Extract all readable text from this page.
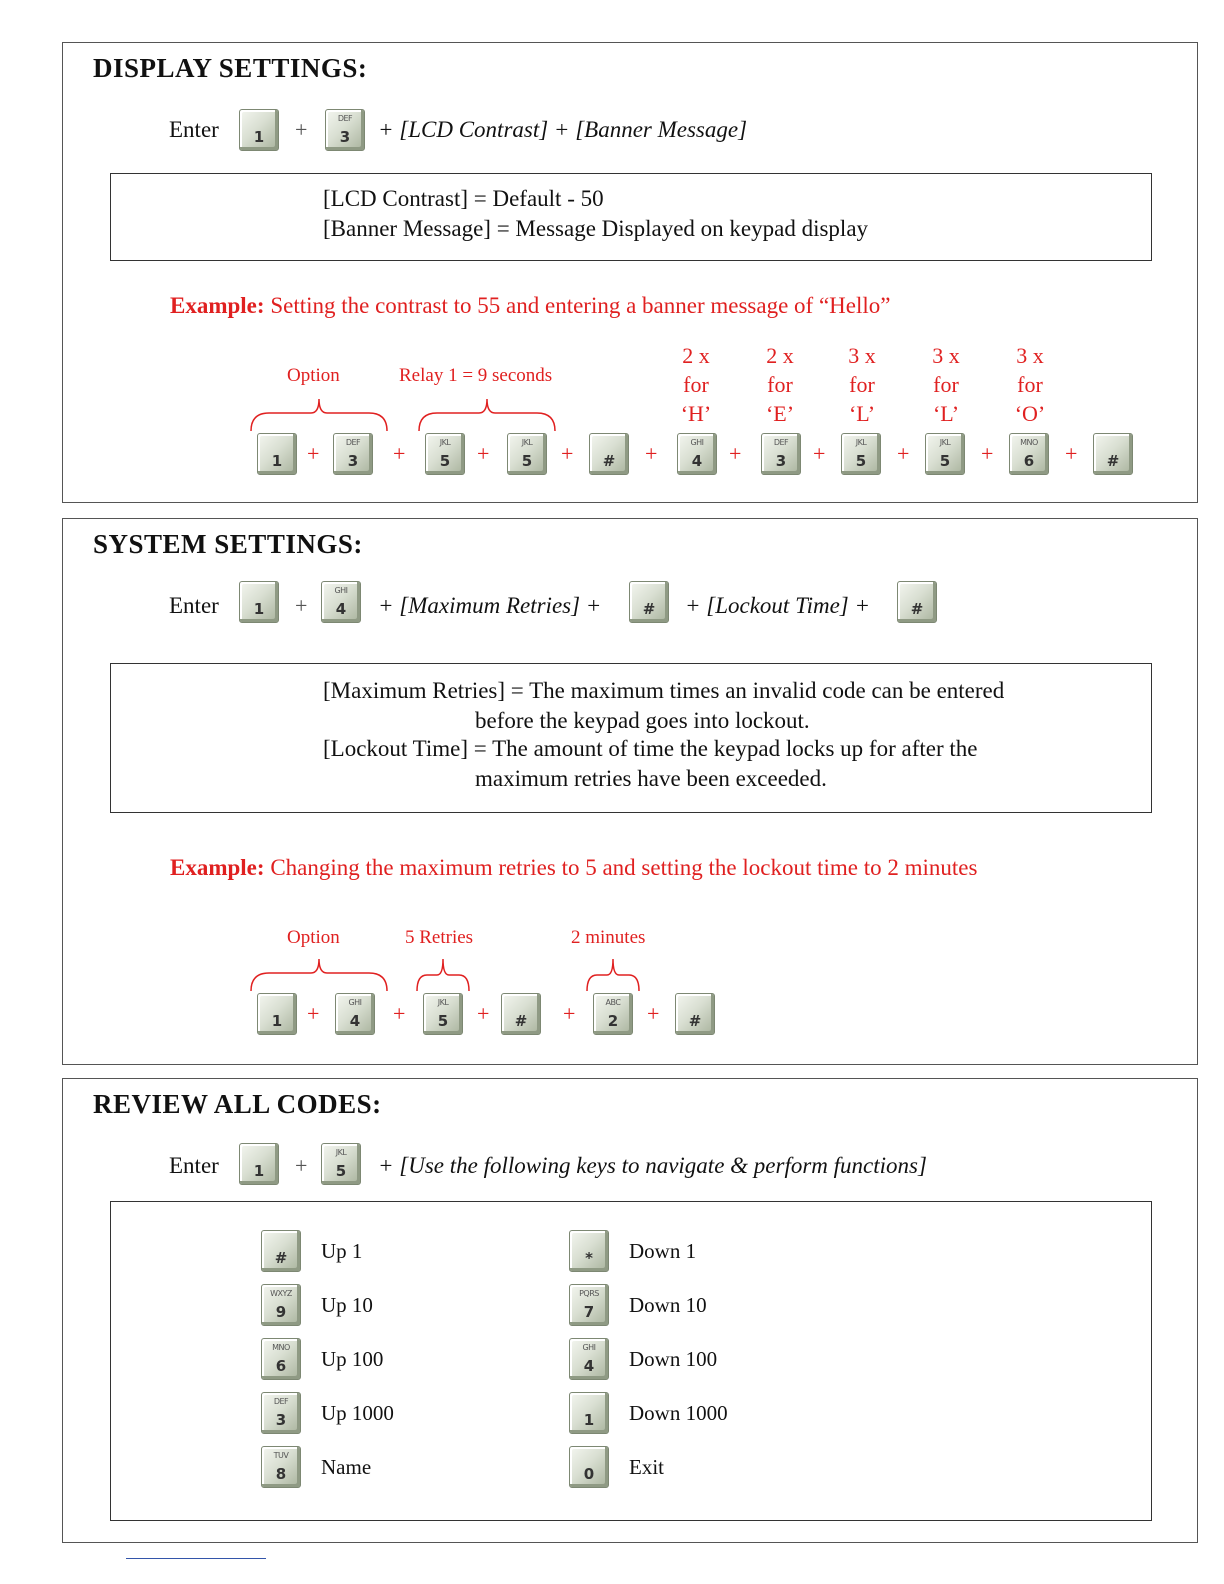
DISPLAY SETTINGS:
Enter	1	+	DEF
3	+ [LCD Contrast] + [Banner Message]
[LCD Contrast] = Default - 50
[Banner Message] = Message Displayed on keypad display
Example: Setting the contrast to 55 and entering a banner message of “Hello”
Option	Relay 1 = 9 seconds
2 x
for
‘H’
2 x
for
‘E’
3 x
for
‘L’
3 x
for
‘L’
3 x
for
‘O’
1	+	DEF
3	+	JKL
5	+	JKL
5	+	#	+	GHI
4	+	DEF
3	+	JKL
5	+	JKL
5	+	MNO
6	+	#
SYSTEM SETTINGS:
Enter	1	+
GHI
4	+ [Maximum Retries] +	#	+ [Lockout Time] +	#
[Maximum Retries] = The maximum times an invalid code can be entered
before the keypad goes into lockout.
[Lockout Time] = The amount of time the keypad locks up for after the
maximum retries have been exceeded.
Example: Changing the maximum retries to 5 and setting the lockout time to 2 minutes
Option	5 Retries	2 minutes
1	+	GHI
4	+	JKL
5	+	#	+	ABC
2	+	#
REVIEW ALL CODES:
Enter	1	+
JKL
5	+ [Use the following keys to navigate & perform functions]
#	Up 1
WXYZ
9	Up 10
MNO
6	Up 100
DEF
3	Up 1000
TUV
8	Name
*	Down 1
PQRS
7	Down 10
GHI
4	Down 100
1	Down 1000
0	Exit
